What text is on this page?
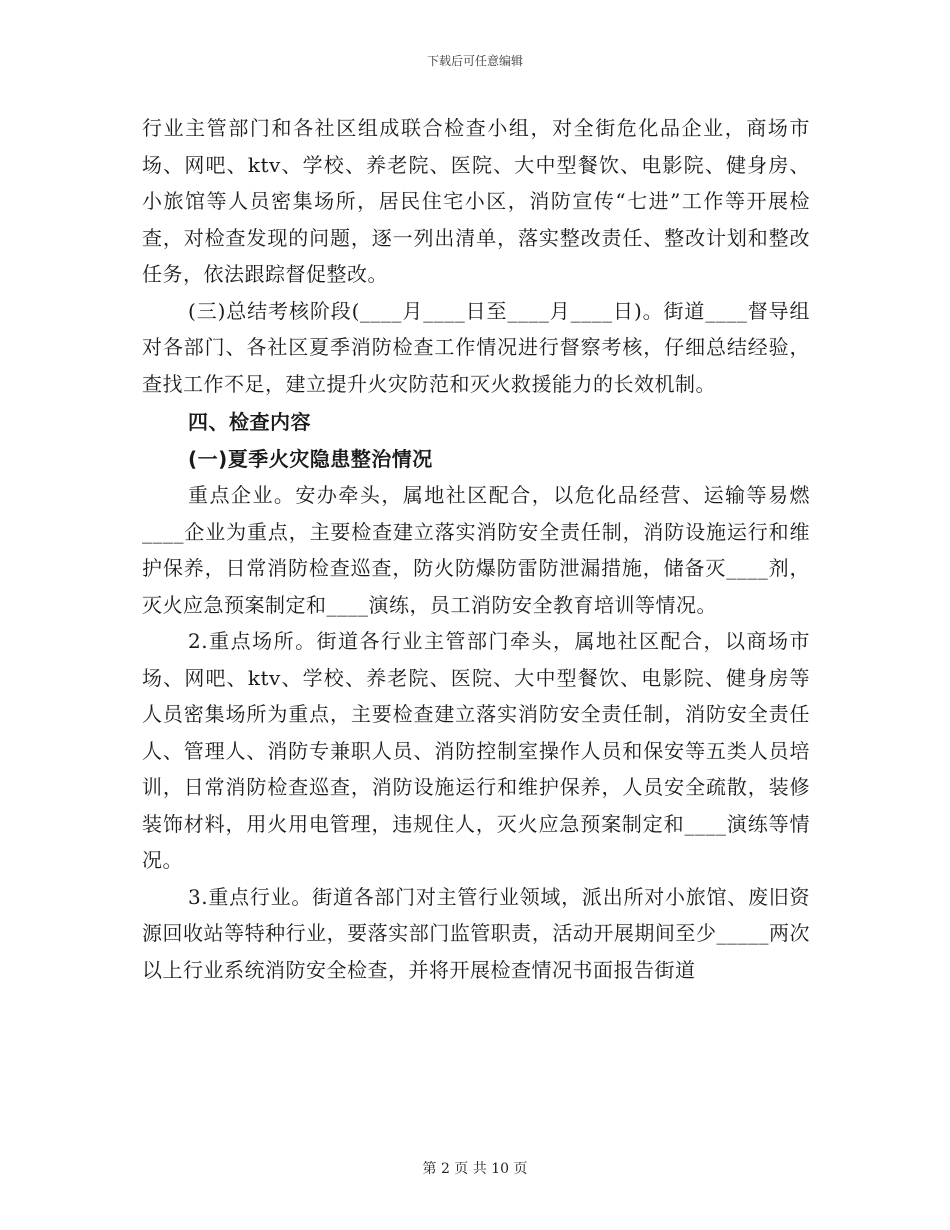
下载后可任意编辑

行业主管部门和各社区组成联合检查小组，对全街危化品企业，商场市场、网吧、ktv、学校、养老院、医院、大中型餐饮、电影院、健身房、小旅馆等人员密集场所，居民住宅小区，消防宣传“七进”工作等开展检查，对检查发现的问题，逐一列出清单，落实整改责任、整改计划和整改任务，依法跟踪督促整改。

(三)总结考核阶段(____月____日至____月____日)。街道____督导组对各部门、各社区夏季消防检查工作情况进行督察考核，仔细总结经验，查找工作不足，建立提升火灾防范和灭火救援能力的长效机制。

四、检查内容

(一)夏季火灾隐患整治情况

重点企业。安办牵头，属地社区配合，以危化品经营、运输等易燃____企业为重点，主要检查建立落实消防安全责任制，消防设施运行和维护保养，日常消防检查巡查，防火防爆防雷防泄漏措施，储备灭____剂，灭火应急预案制定和____演练，员工消防安全教育培训等情况。

2.重点场所。街道各行业主管部门牵头，属地社区配合，以商场市场、网吧、ktv、学校、养老院、医院、大中型餐饮、电影院、健身房等人员密集场所为重点，主要检查建立落实消防安全责任制，消防安全责任人、管理人、消防专兼职人员、消防控制室操作人员和保安等五类人员培训，日常消防检查巡查，消防设施运行和维护保养，人员安全疏散，装修装饰材料，用火用电管理，违规住人，灭火应急预案制定和____演练等情况。

3.重点行业。街道各部门对主管行业领域，派出所对小旅馆、废旧资源回收站等特种行业，要落实部门监管职责，活动开展期间至少_____两次以上行业系统消防安全检查，并将开展检查情况书面报告街道

第 2 页 共 10 页
